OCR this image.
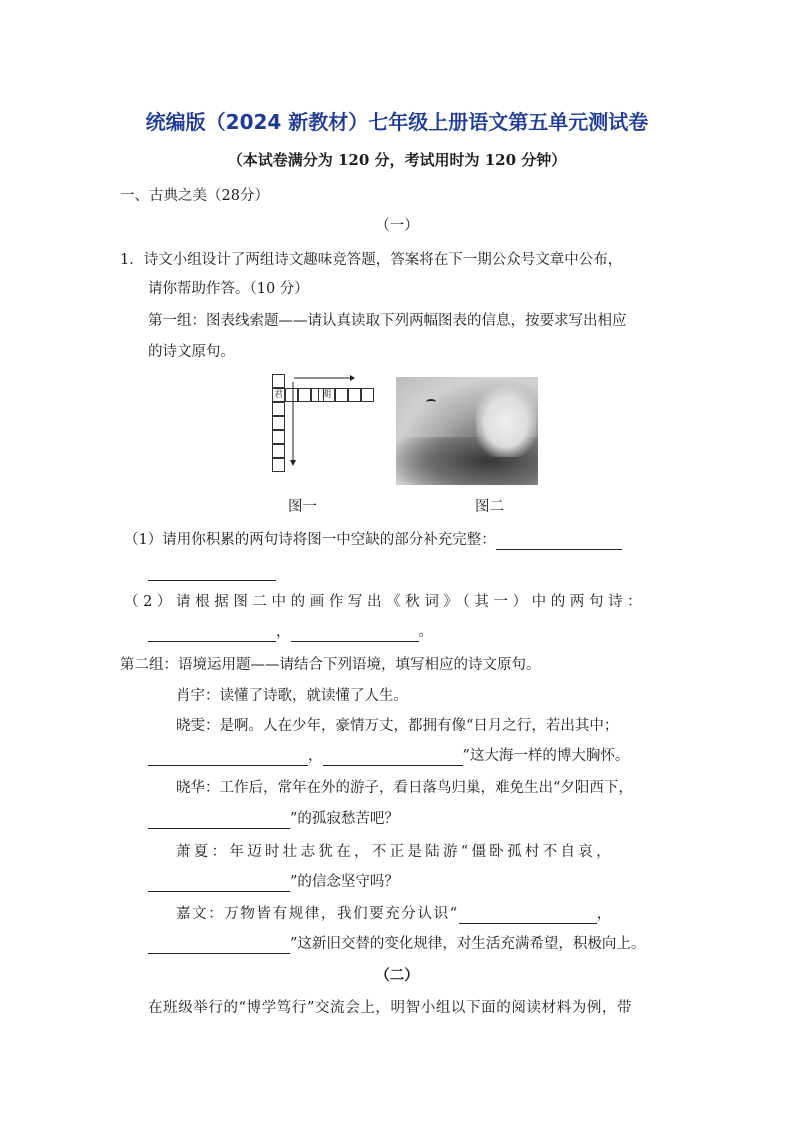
统编版（2024 新教材）七年级上册语文第五单元测试卷
（本试卷满分为 120 分，考试用时为 120 分钟）
一、古典之美（28分）
（一）
1．诗文小组设计了两组诗文趣味竞答题，答案将在下一期公众号文章中公布，
请你帮助作答。（10 分）
第一组：图表线索题——请认真读取下列两幅图表的信息，按要求写出相应
的诗文原句。
君	期
图一	图二
（1）请用你积累的两句诗将图一中空缺的部分补充完整：
（2）请根据图二中的画作写出《秋词》（其一）中的两句诗：
，	。
第二组：语境运用题——请结合下列语境，填写相应的诗文原句。
肖宇：读懂了诗歌，就读懂了人生。
晓雯：是啊。人在少年，豪情万丈，都拥有像“日月之行，若出其中；
，	”这大海一样的博大胸怀。
晓华：工作后，常年在外的游子，看日落鸟归巢，难免生出“夕阳西下，
”的孤寂愁苦吧？
萧夏：年迈时壮志犹在，不正是陆游“僵卧孤村不自哀，
”的信念坚守吗？
嘉文：万物皆有规律，我们要充分认识“	，
”这新旧交替的变化规律，对生活充满希望，积极向上。
（二）
在班级举行的“博学笃行”交流会上，明智小组以下面的阅读材料为例，带
